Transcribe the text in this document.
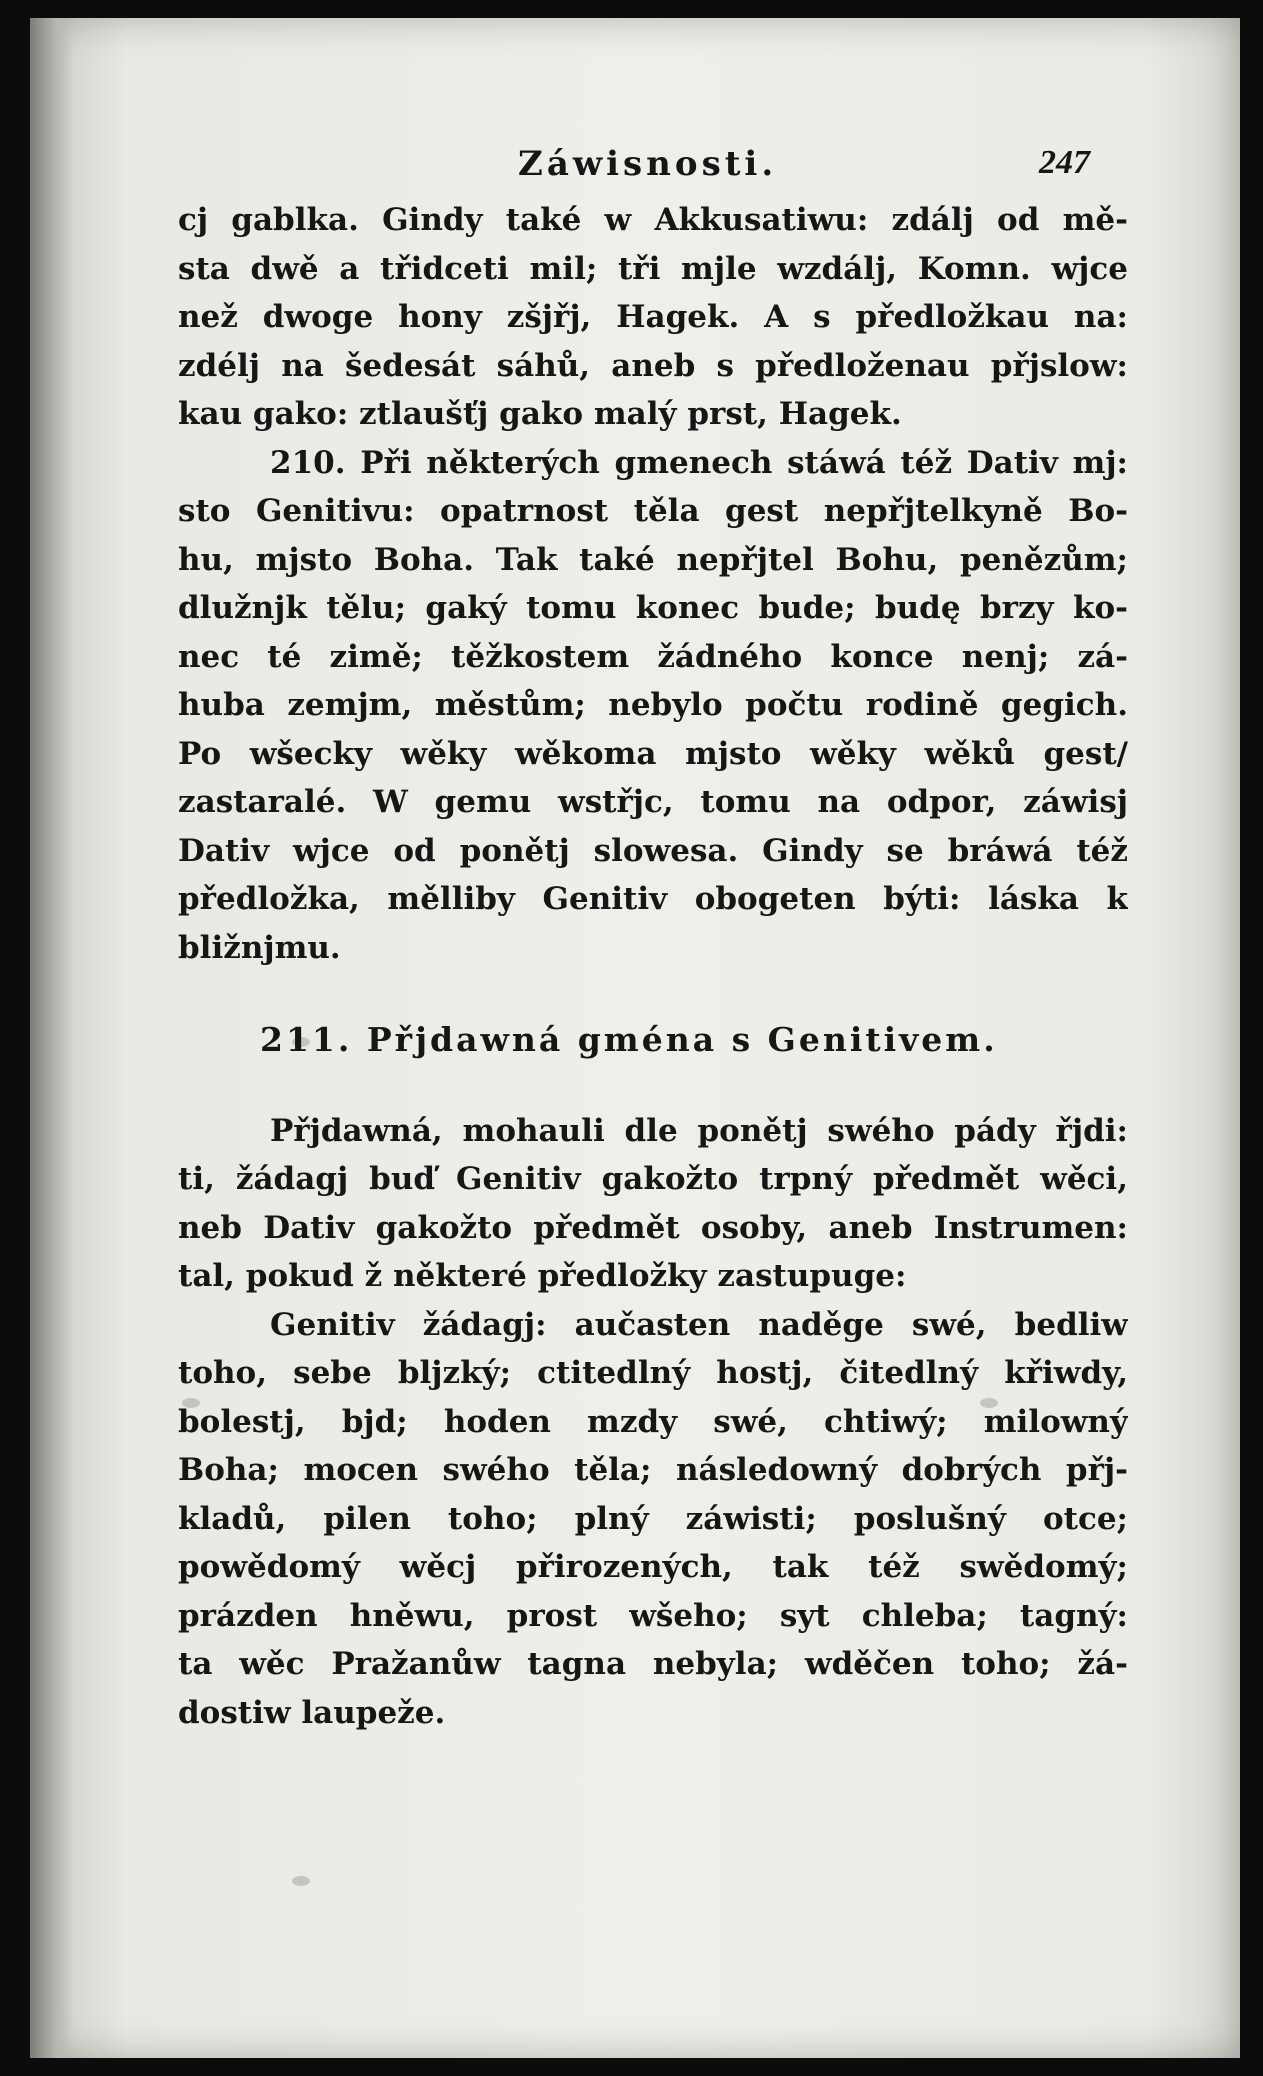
Záwisnosti.	247
cj gablka. Gindy také w Akkusatiwu: zdálj od mě-
sta dwě a třidceti mil; tři mjle wzdálj, Komn. wjce
než dwoge hony zšjřj, Hagek. A s předložkau na:
zdélj na šedesát sáhů, aneb s předloženau přjslow:
kau gako: ztlaušťj gako malý prst, Hagek.
210. Při některých gmenech stáwá též Dativ mj:
sto Genitivu: opatrnost těla gest nepřjtelkyně Bo-
hu, mjsto Boha. Tak také nepřjtel Bohu, penězům;
dlužnjk tělu; gaký tomu konec bude; budę brzy ko-
nec té zimě; těžkostem žádného konce nenj; zá-
huba zemjm, městům; nebylo počtu rodině gegich.
Po wšecky wěky wěkoma mjsto wěky wěků gest/
zastaralé. W gemu wstřjc, tomu na odpor, záwisj
Dativ wjce od ponětj slowesa. Gindy se bráwá též
předložka, mělliby Genitiv obogeten býti: láska k
bližnjmu.
211. Přjdawná gména s Genitivem.
Přjdawná, mohauli dle ponětj swého pády řjdi:
ti, žádagj buď Genitiv gakožto trpný předmět wěci,
neb Dativ gakožto předmět osoby, aneb Instrumen:
tal, pokud ž některé předložky zastupuge:
Genitiv žádagj: aučasten naděge swé, bedliw
toho, sebe bljzký; ctitedlný hostj, čitedlný křiwdy,
bolestj, bjd; hoden mzdy swé, chtiwý; milowný
Boha; mocen swého těla; následowný dobrých přj-
kladů, pilen toho; plný záwisti; poslušný otce;
powědomý wěcj přirozených, tak též swědomý;
prázden hněwu, prost wšeho; syt chleba; tagný:
ta wěc Pražanůw tagna nebyla; wděčen toho; žá-
dostiw laupeže.
